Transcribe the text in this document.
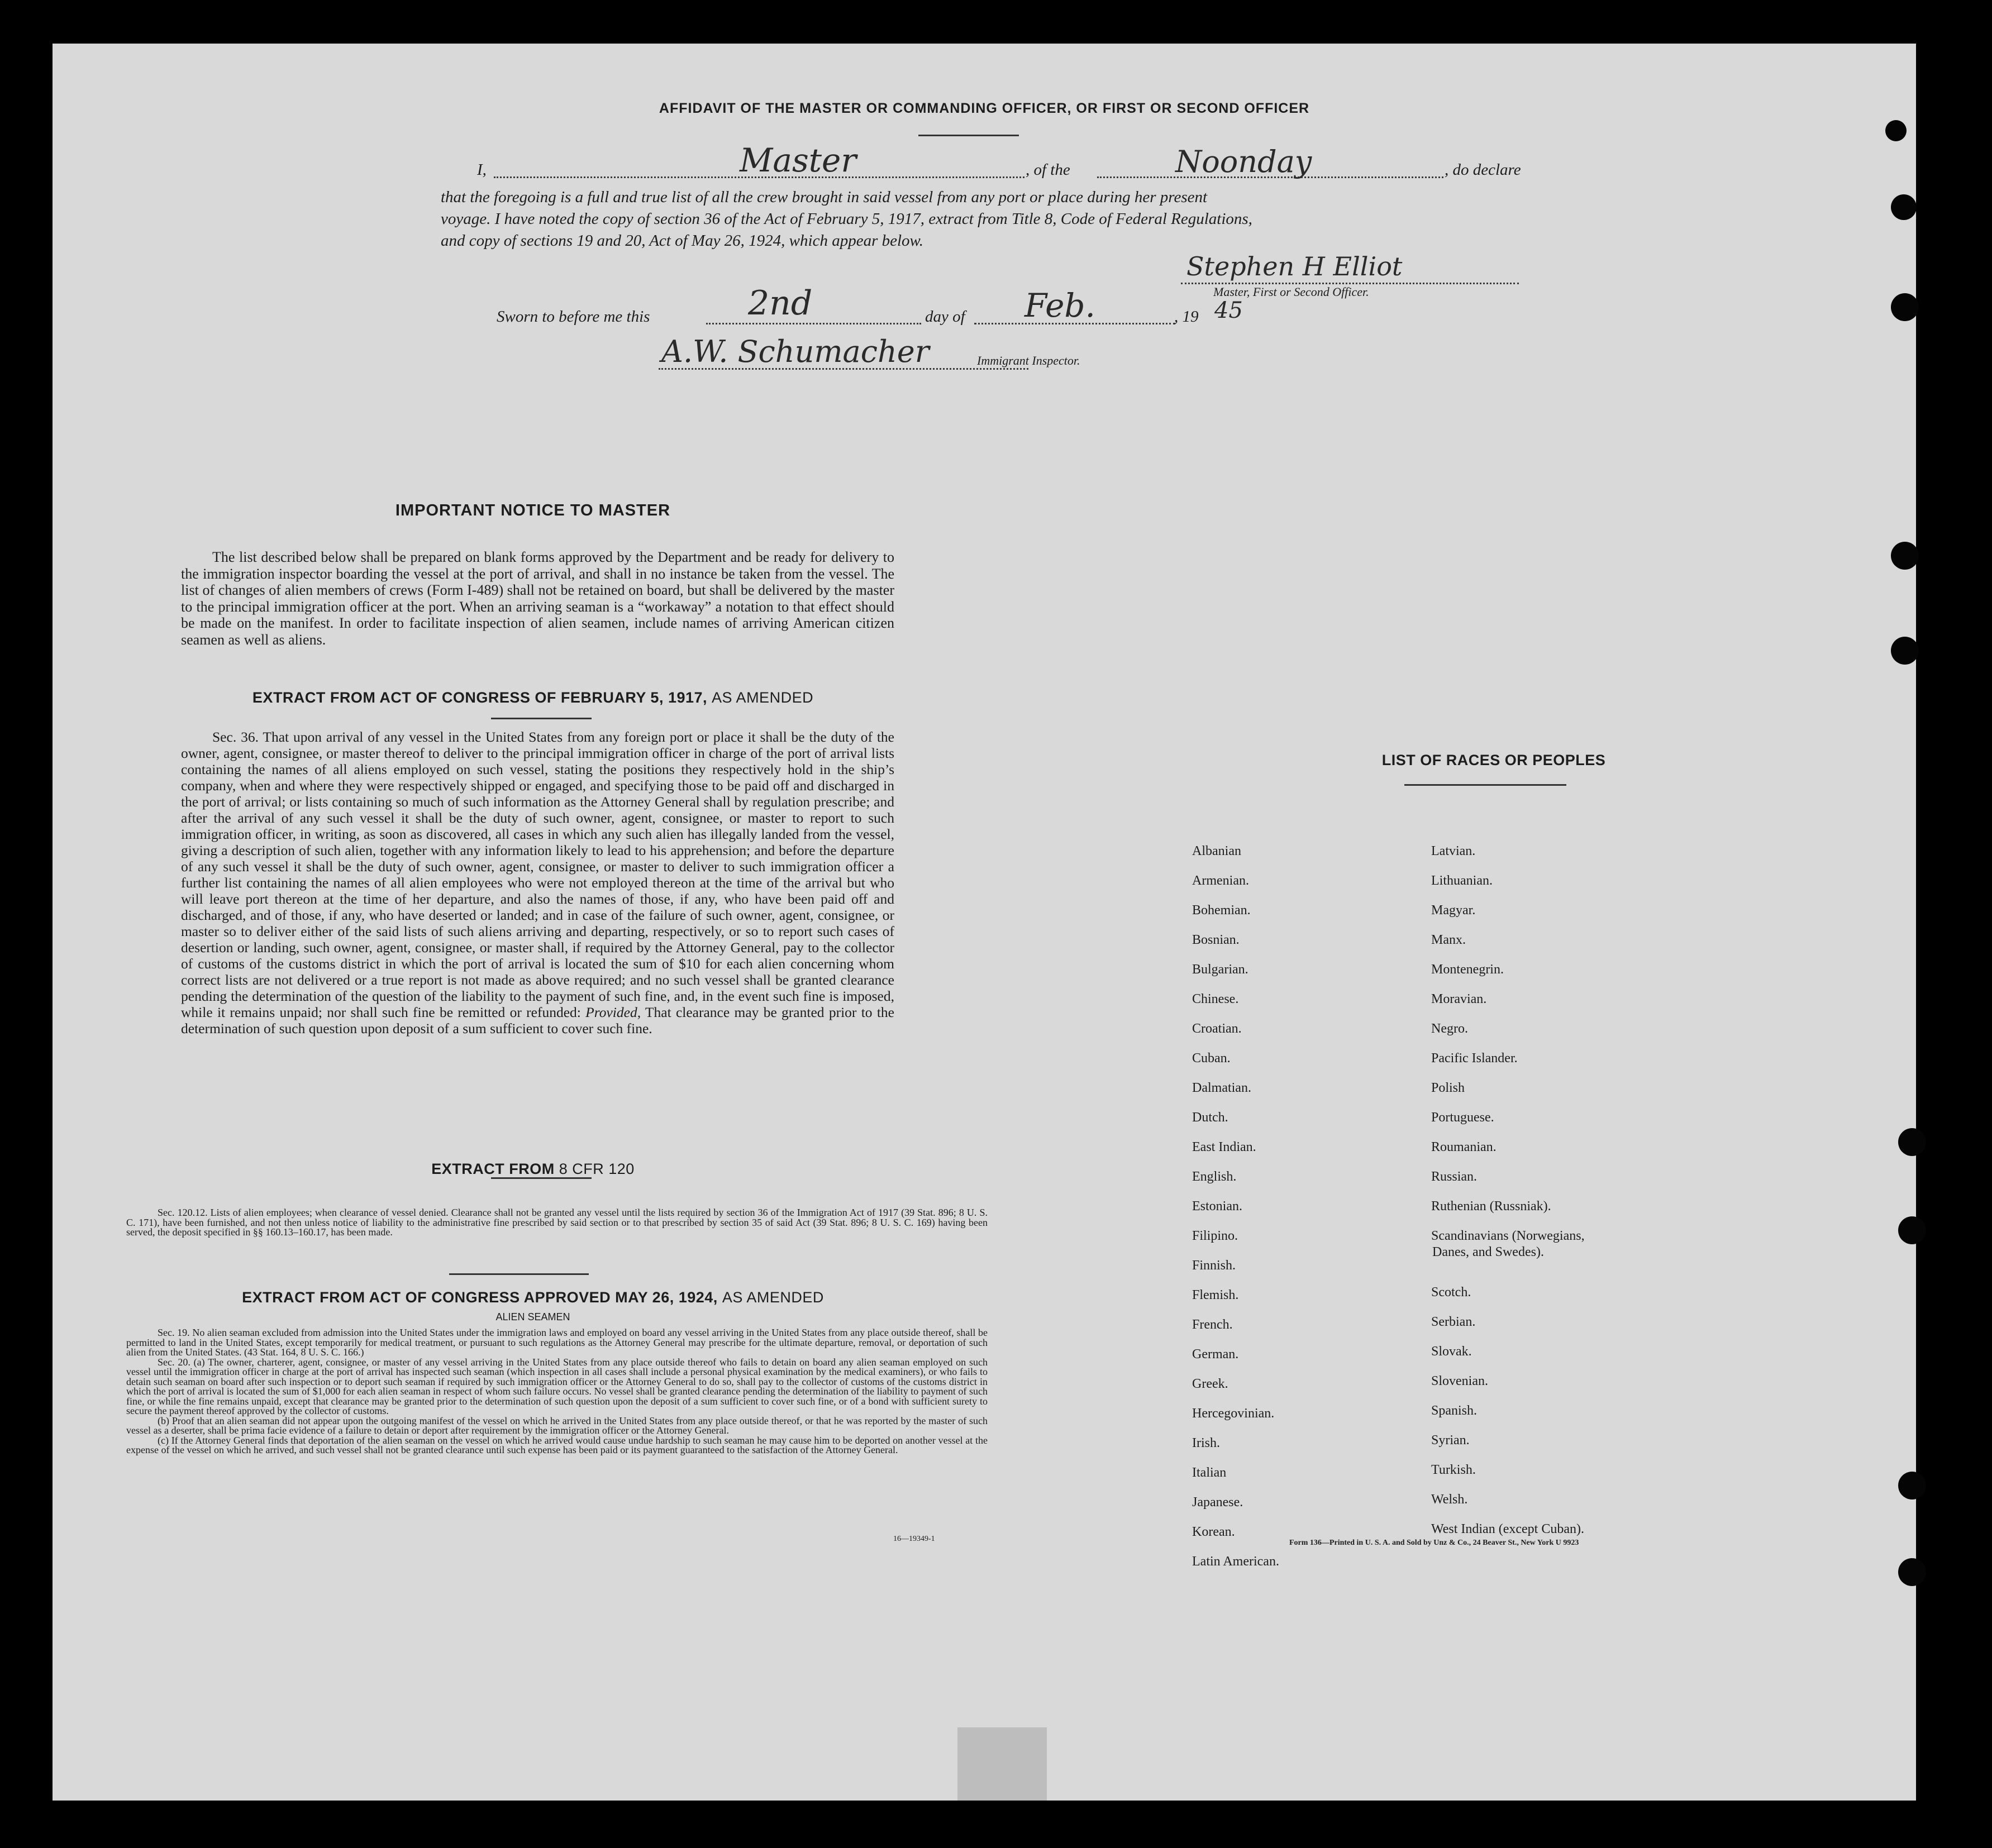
AFFIDAVIT OF THE MASTER OR COMMANDING OFFICER, OR FIRST OR SECOND OFFICER
I,	Master	, of the	Noonday	, do declare
that the foregoing is a full and true list of all the crew brought in said vessel from any port or place during her present
voyage. I have noted the copy of section 36 of the Act of February 5, 1917, extract from Title 8, Code of Federal Regulations,
and copy of sections 19 and 20, Act of May 26, 1924, which appear below.
Stephen H Elliot
Master, First or Second Officer.
Sworn to before me this	2nd	day of Feb.	, 19 45
A.W. Schumacher	Immigrant Inspector.
IMPORTANT NOTICE TO MASTER
The list described below shall be prepared on blank forms approved by the Department and be ready for delivery to the immigration inspector boarding the vessel at the port of arrival, and shall in no instance be taken from the vessel. The list of changes of alien members of crews (Form I-489) shall not be retained on board, but shall be delivered by the master to the principal immigration officer at the port. When an arriving seaman is a “workaway” a notation to that effect should be made on the manifest. In order to facilitate inspection of alien seamen, include names of arriving American citizen seamen as well as aliens.
EXTRACT FROM ACT OF CONGRESS OF FEBRUARY 5, 1917, AS AMENDED
Sec. 36. That upon arrival of any vessel in the United States from any foreign port or place it shall be the duty of the owner, agent, consignee, or master thereof to deliver to the principal immigration officer in charge of the port of arrival lists containing the names of all aliens employed on such vessel, stating the positions they respectively hold in the ship’s company, when and where they were respectively shipped or engaged, and specifying those to be paid off and discharged in the port of arrival; or lists containing so much of such information as the Attorney General shall by regulation prescribe; and after the arrival of any such vessel it shall be the duty of such owner, agent, consignee, or master to report to such immigration officer, in writing, as soon as discovered, all cases in which any such alien has illegally landed from the vessel, giving a description of such alien, together with any information likely to lead to his apprehension; and before the departure of any such vessel it shall be the duty of such owner, agent, consignee, or master to deliver to such immigration officer a further list containing the names of all alien employees who were not employed thereon at the time of the arrival but who will leave port thereon at the time of her departure, and also the names of those, if any, who have been paid off and discharged, and of those, if any, who have deserted or landed; and in case of the failure of such owner, agent, consignee, or master so to deliver either of the said lists of such aliens arriving and departing, respectively, or so to report such cases of desertion or landing, such owner, agent, consignee, or master shall, if required by the Attorney General, pay to the collector of customs of the customs district in which the port of arrival is located the sum of $10 for each alien concerning whom correct lists are not delivered or a true report is not made as above required; and no such vessel shall be granted clearance pending the determination of the question of the liability to the payment of such fine, and, in the event such fine is imposed, while it remains unpaid; nor shall such fine be remitted or refunded: Provided, That clearance may be granted prior to the determination of such question upon deposit of a sum sufficient to cover such fine.
EXTRACT FROM 8 CFR 120

Sec. 120.12. Lists of alien employees; when clearance of vessel denied. Clearance shall not be granted any vessel until the lists required by section 36 of the Immigration Act of 1917 (39 Stat. 896; 8 U. S. C. 171), have been furnished, and not then unless notice of liability to the administrative fine prescribed by said section or to that prescribed by section 35 of said Act (39 Stat. 896; 8 U. S. C. 169) having been served, the deposit specified in §§ 160.13–160.17, has been made.

EXTRACT FROM ACT OF CONGRESS APPROVED MAY 26, 1924, AS AMENDED
ALIEN SEAMEN

Sec. 19. No alien seaman excluded from admission into the United States under the immigration laws and employed on board any vessel arriving in the United States from any place outside thereof, shall be permitted to land in the United States, except temporarily for medical treatment, or pursuant to such regulations as the Attorney General may prescribe for the ultimate departure, removal, or deportation of such alien from the United States. (43 Stat. 164, 8 U. S. C. 166.)

Sec. 20. (a) The owner, charterer, agent, consignee, or master of any vessel arriving in the United States from any place outside thereof who fails to detain on board any alien seaman employed on such vessel until the immigration officer in charge at the port of arrival has inspected such seaman (which inspection in all cases shall include a personal physical examination by the medical examiners), or who fails to detain such seaman on board after such inspection or to deport such seaman if required by such immigration officer or the Attorney General to do so, shall pay to the collector of customs of the customs district in which the port of arrival is located the sum of $1,000 for each alien seaman in respect of whom such failure occurs. No vessel shall be granted clearance pending the determination of the liability to payment of such fine, or while the fine remains unpaid, except that clearance may be granted prior to the determination of such question upon the deposit of a sum sufficient to cover such fine, or of a bond with sufficient surety to secure the payment thereof approved by the collector of customs.

(b) Proof that an alien seaman did not appear upon the outgoing manifest of the vessel on which he arrived in the United States from any place outside thereof, or that he was reported by the master of such vessel as a deserter, shall be prima facie evidence of a failure to detain or deport after requirement by the immigration officer or the Attorney General.

(c) If the Attorney General finds that deportation of the alien seaman on the vessel on which he arrived would cause undue hardship to such seaman he may cause him to be deported on another vessel at the expense of the vessel on which he arrived, and such vessel shall not be granted clearance until such expense has been paid or its payment guaranteed to the satisfaction of the Attorney General.

16—19349-1
LIST OF RACES OR PEOPLES
Form 136—Printed in U. S. A. and Sold by Unz & Co., 24 Beaver St., New York U 9923
Albanian
Armenian.
Bohemian.
Bosnian.
Bulgarian.
Chinese.
Croatian.
Cuban.
Dalmatian.
Dutch.
East Indian.
English.
Estonian.
Filipino.
Finnish.
Flemish.
French.
German.
Greek.
Hercegovinian.
Irish.
Italian
Japanese.
Korean.
Latin American.
Latvian.
Lithuanian.
Magyar.
Manx.
Montenegrin.
Moravian.
Negro.
Pacific Islander.
Polish
Portuguese.
Roumanian.
Russian.
Ruthenian (Russniak).
Scandinavians (Norwegians,
Danes, and Swedes).
Scotch.
Serbian.
Slovak.
Slovenian.
Spanish.
Syrian.
Turkish.
Welsh.
West Indian (except Cuban).
